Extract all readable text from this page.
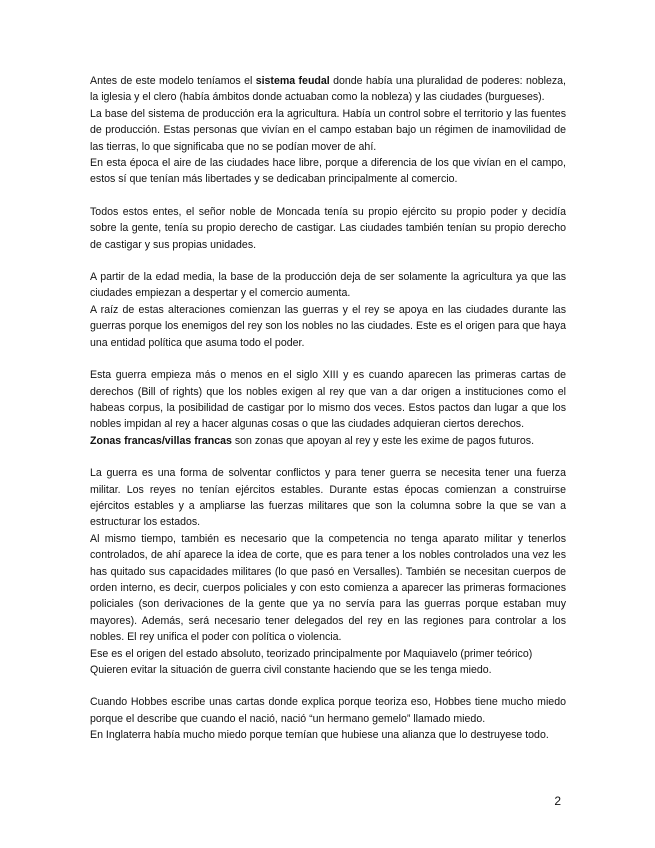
Antes de este modelo teníamos el sistema feudal donde había una pluralidad de poderes: nobleza, la iglesia y el clero (había ámbitos donde actuaban como la nobleza) y las ciudades (burgueses).

La base del sistema de producción era la agricultura. Había un control sobre el territorio y las fuentes de producción. Estas personas que vivían en el campo estaban bajo un régimen de inamovilidad de las tierras, lo que significaba que no se podían mover de ahí.

En esta época el aire de las ciudades hace libre, porque a diferencia de los que vivían en el campo, estos sí que tenían más libertades y se dedicaban principalmente al comercio.

Todos estos entes, el señor noble de Moncada tenía su propio ejército su propio poder y decidía sobre la gente, tenía su propio derecho de castigar. Las ciudades también tenían su propio derecho de castigar y sus propias unidades.

A partir de la edad media, la base de la producción deja de ser solamente la agricultura ya que las ciudades empiezan a despertar y el comercio aumenta.

A raíz de estas alteraciones comienzan las guerras y el rey se apoya en las ciudades durante las guerras porque los enemigos del rey son los nobles no las ciudades. Este es el origen para que haya una entidad política que asuma todo el poder.

Esta guerra empieza más o menos en el siglo XIII y es cuando aparecen las primeras cartas de derechos (Bill of rights) que los nobles exigen al rey que van a dar origen a instituciones como el habeas corpus, la posibilidad de castigar por lo mismo dos veces. Estos pactos dan lugar a que los nobles impidan al rey a hacer algunas cosas o que las ciudades adquieran ciertos derechos.

Zonas francas/villas francas son zonas que apoyan al rey y este les exime de pagos futuros.

La guerra es una forma de solventar conflictos y para tener guerra se necesita tener una fuerza militar. Los reyes no tenían ejércitos estables. Durante estas épocas comienzan a construirse ejércitos estables y a ampliarse las fuerzas militares que son la columna sobre la que se van a estructurar los estados.

Al mismo tiempo, también es necesario que la competencia no tenga aparato militar y tenerlos controlados, de ahí aparece la idea de corte, que es para tener a los nobles controlados una vez les has quitado sus capacidades militares (lo que pasó en Versalles). También se necesitan cuerpos de orden interno, es decir, cuerpos policiales y con esto comienza a aparecer las primeras formaciones policiales (son derivaciones de la gente que ya no servía para las guerras porque estaban muy mayores). Además, será necesario tener delegados del rey en las regiones para controlar a los nobles. El rey unifica el poder con política o violencia.

Ese es el origen del estado absoluto, teorizado principalmente por Maquiavelo (primer teórico)

Quieren evitar la situación de guerra civil constante haciendo que se les tenga miedo.

Cuando Hobbes escribe unas cartas donde explica porque teoriza eso, Hobbes tiene mucho miedo porque el describe que cuando el nació, nació “un hermano gemelo” llamado miedo.

En Inglaterra había mucho miedo porque temían que hubiese una alianza que lo destruyese todo.

2
